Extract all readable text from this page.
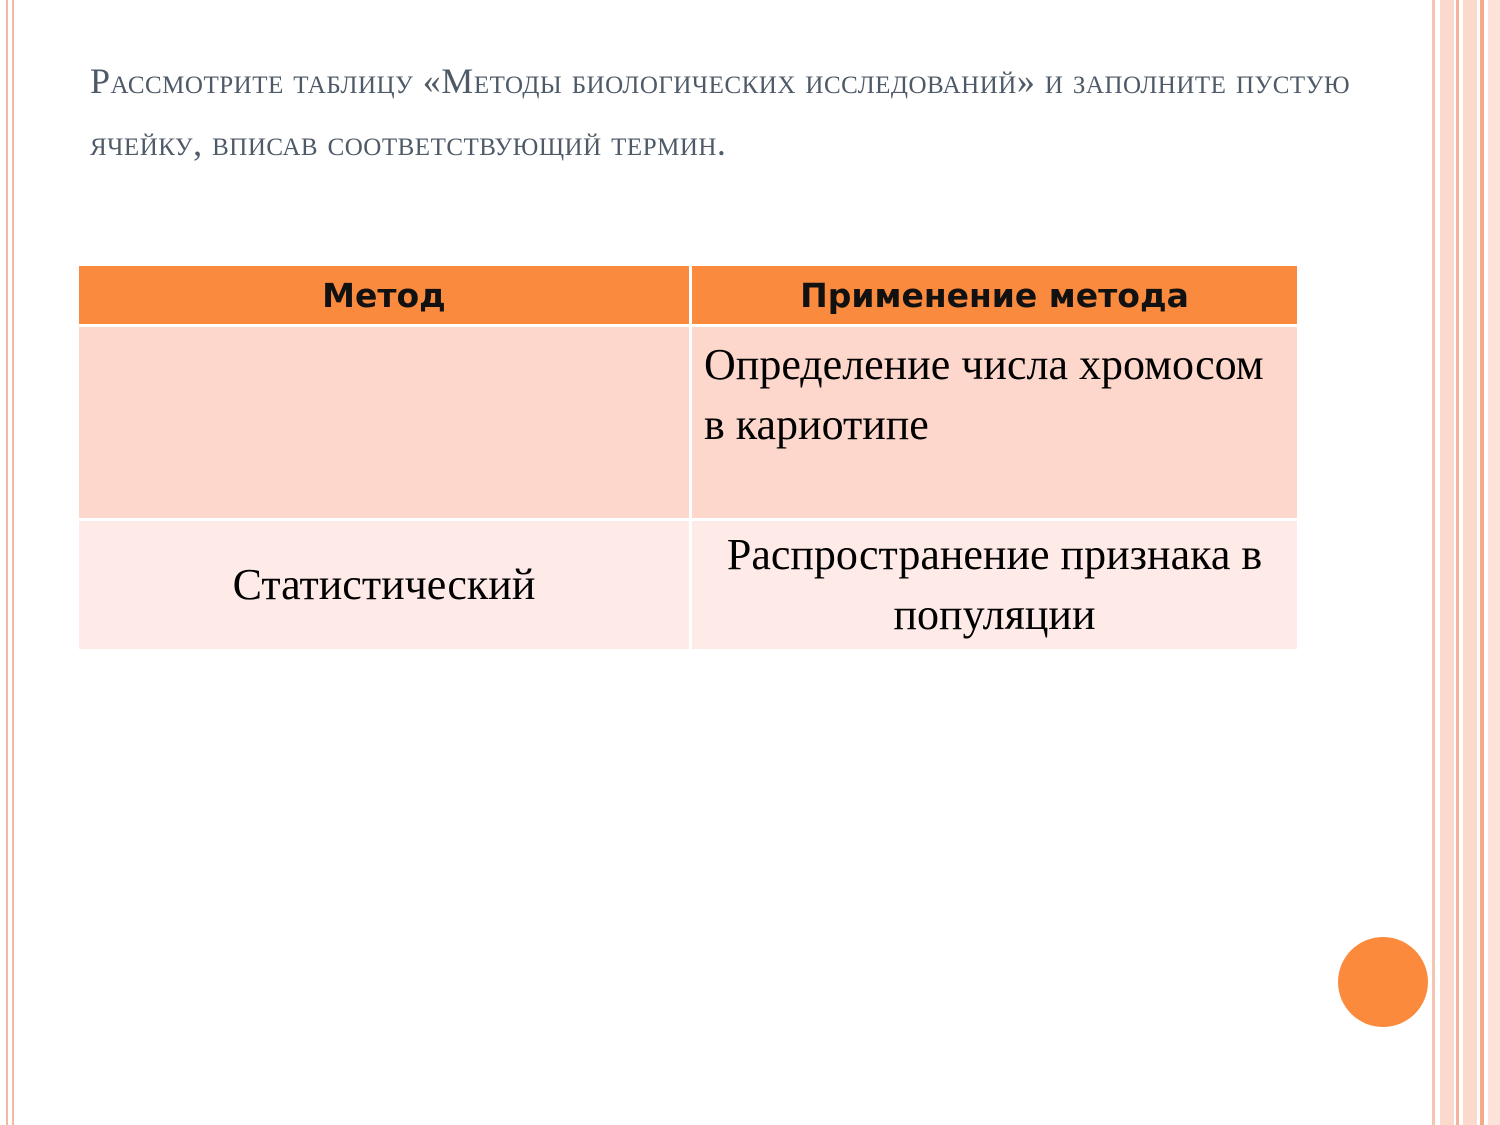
Рассмотрите таблицу «Методы биологических исследований» и заполните пустую ячейку, вписав соответствующий термин.
Метод	Применение метода

	Определение числа хромосом в кариотипе

Статистический	Распространение признака в популяции
